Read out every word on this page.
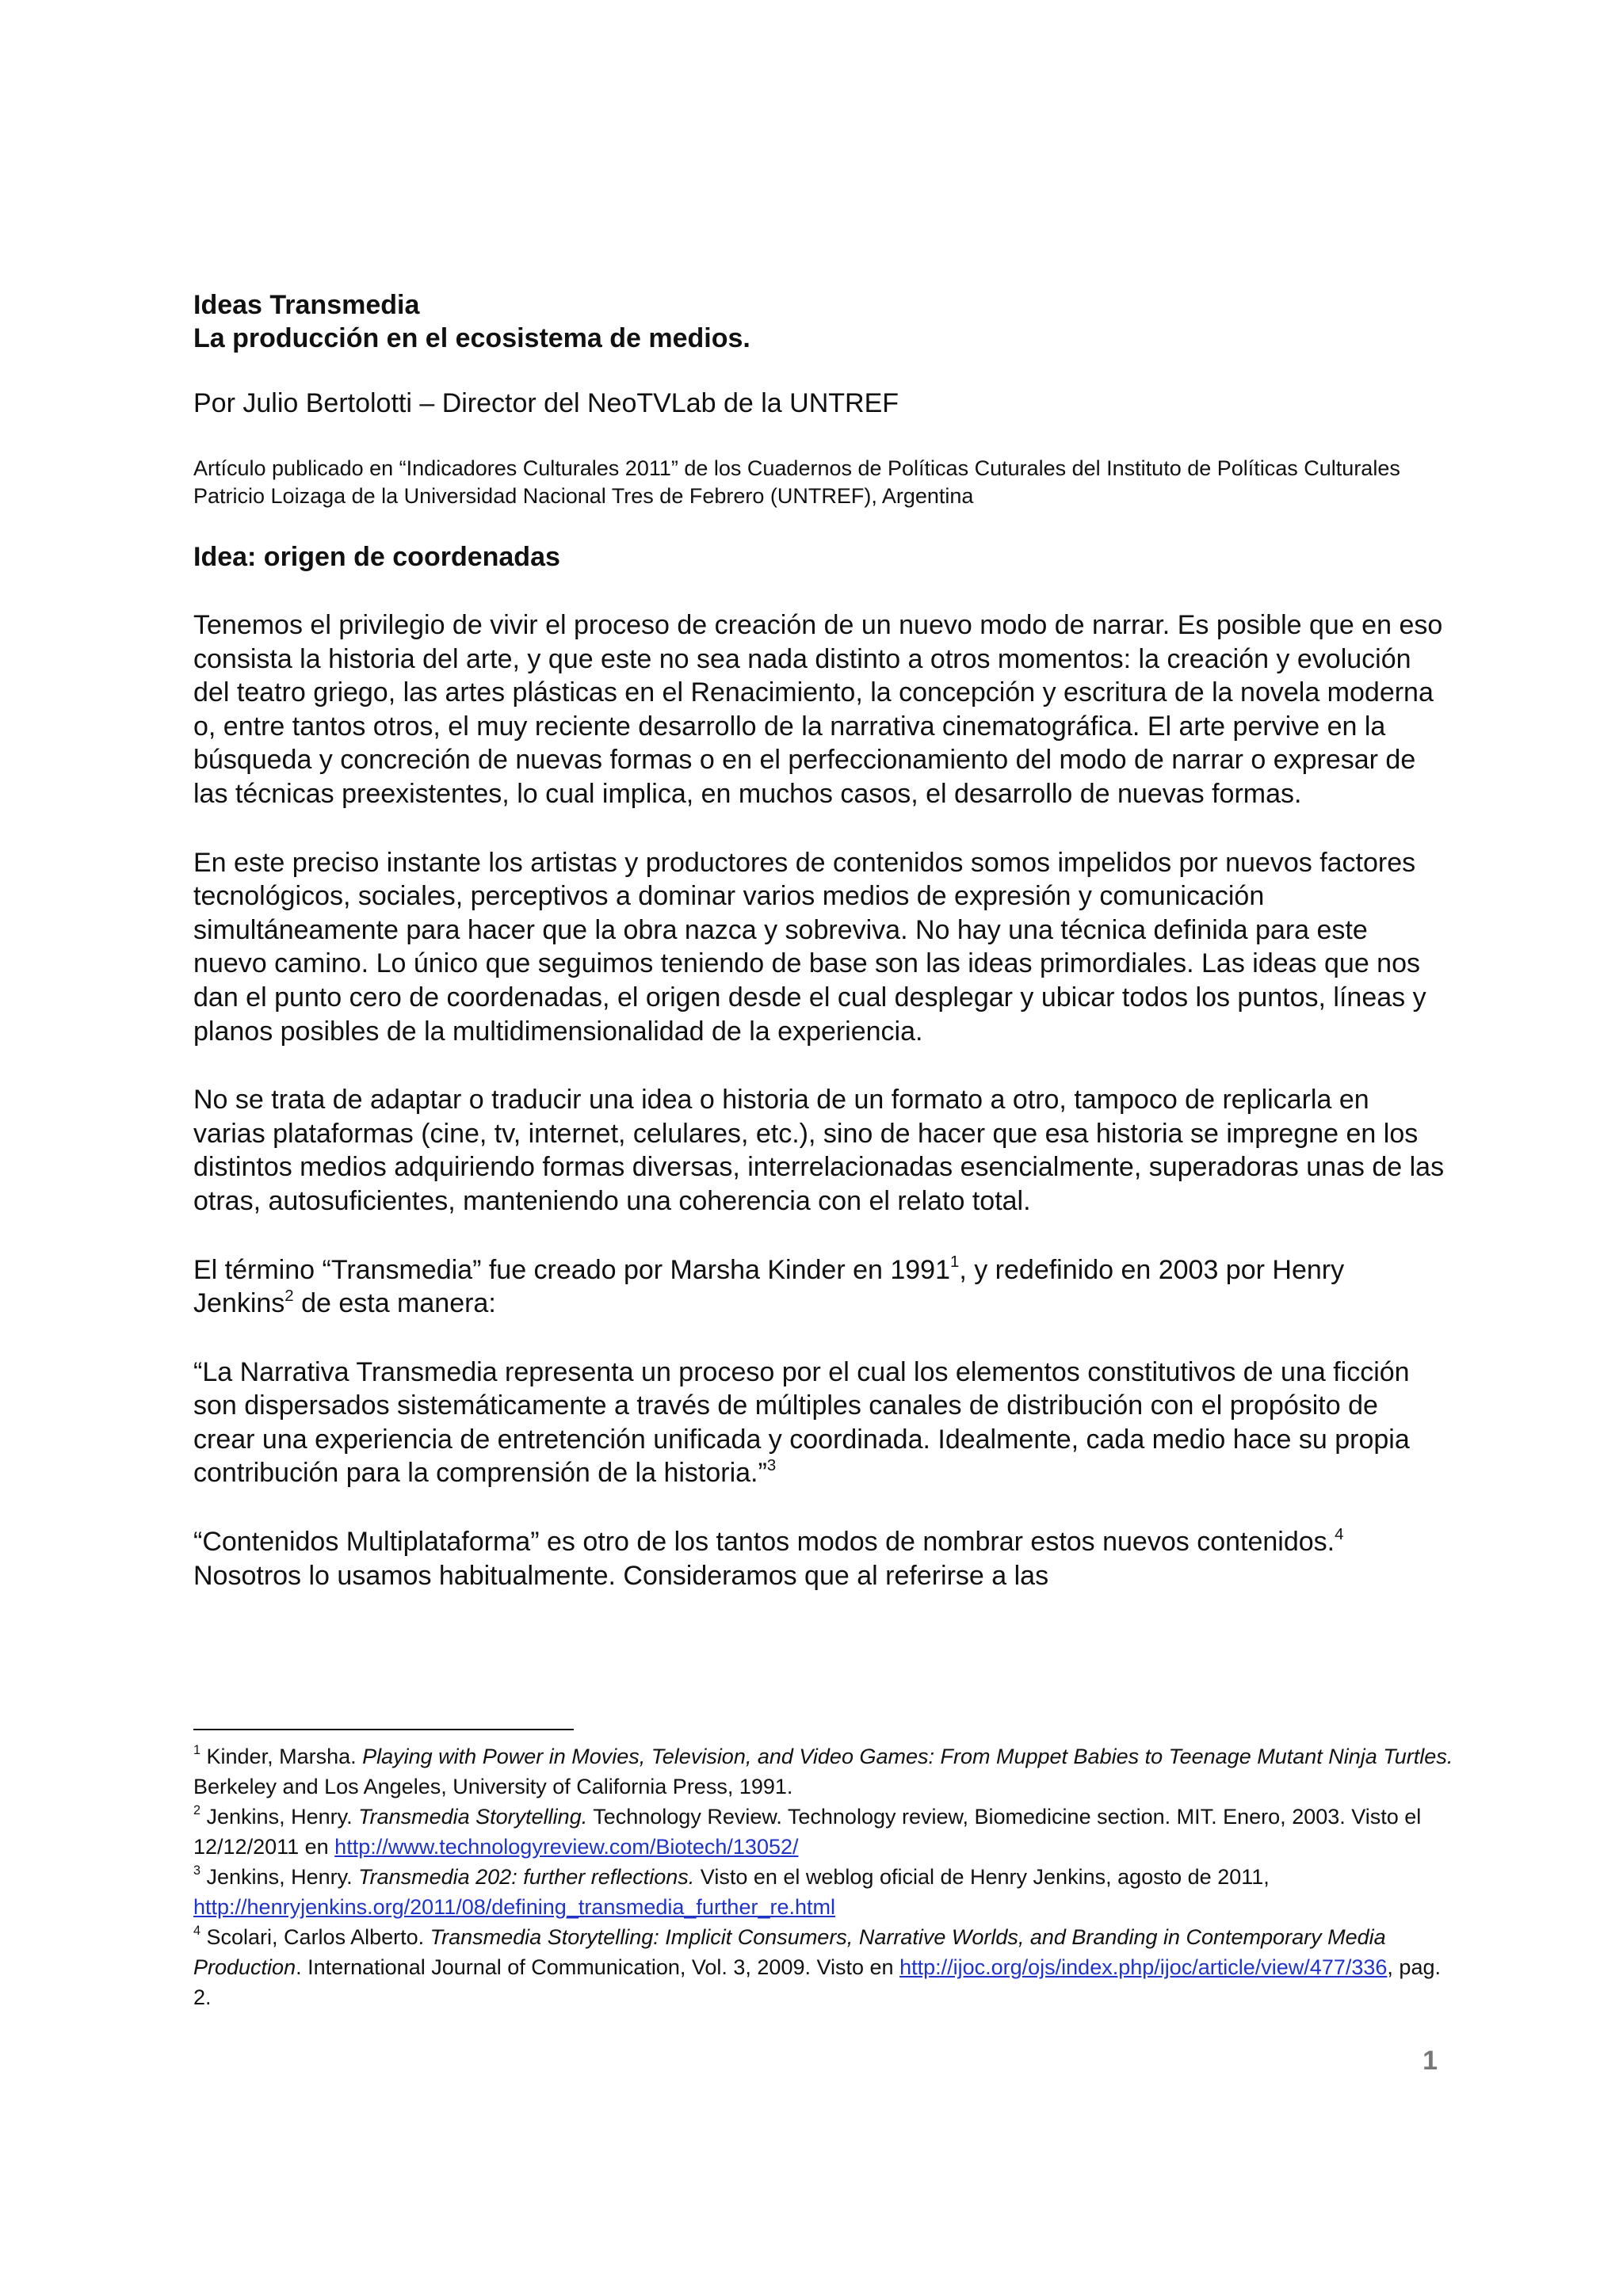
Ideas Transmedia
La producción en el ecosistema de medios.

Por Julio Bertolotti – Director del NeoTVLab de la UNTREF

Artículo publicado en “Indicadores Culturales 2011” de los Cuadernos de Políticas Cuturales del Instituto de Políticas Culturales Patricio Loizaga de la Universidad Nacional Tres de Febrero (UNTREF), Argentina

Idea: origen de coordenadas

Tenemos el privilegio de vivir el proceso de creación de un nuevo modo de narrar. Es posible que en eso consista la historia del arte, y que este no sea nada distinto a otros momentos: la creación y evolución del teatro griego, las artes plásticas en el Renacimiento, la concepción y escritura de la novela moderna o, entre tantos otros, el muy reciente desarrollo de la narrativa cinematográfica. El arte pervive en la búsqueda y concreción de nuevas formas o en el perfeccionamiento del modo de narrar o expresar de las técnicas preexistentes, lo cual implica, en muchos casos, el desarrollo de nuevas formas.

En este preciso instante los artistas y productores de contenidos somos impelidos por nuevos factores tecnológicos, sociales, perceptivos a dominar varios medios de expresión y comunicación simultáneamente para hacer que la obra nazca y sobreviva. No hay una técnica definida para este nuevo camino. Lo único que seguimos teniendo de base son las ideas primordiales. Las ideas que nos dan el punto cero de coordenadas, el origen desde el cual desplegar y ubicar todos los puntos, líneas y planos posibles de la multidimensionalidad de la experiencia.

No se trata de adaptar o traducir una idea o historia de un formato a otro, tampoco de replicarla en varias plataformas (cine, tv, internet, celulares, etc.), sino de hacer que esa historia se impregne en los distintos medios adquiriendo formas diversas, interrelacionadas esencialmente, superadoras unas de las otras, autosuficientes, manteniendo una coherencia con el relato total.

El término “Transmedia” fue creado por Marsha Kinder en 1991$^1$, y redefinido en 2003 por Henry Jenkins$^2$ de esta manera:

“La Narrativa Transmedia representa un proceso por el cual los elementos constitutivos de una ficción son dispersados sistemáticamente a través de múltiples canales de distribución con el propósito de crear una experiencia de entretención unificada y coordinada. Idealmente, cada medio hace su propia contribución para la comprensión de la historia.”$^3$

“Contenidos Multiplataforma” es otro de los tantos modos de nombrar estos nuevos contenidos.$^4$ Nosotros lo usamos habitualmente. Consideramos que al referirse a las

$^1$ Kinder, Marsha. Playing with Power in Movies, Television, and Video Games: From Muppet Babies to Teenage Mutant Ninja Turtles. Berkeley and Los Angeles, University of California Press, 1991.

$^2$ Jenkins, Henry. Transmedia Storytelling. Technology Review. Technology review, Biomedicine section. MIT. Enero, 2003. Visto el 12/12/2011 en http://www.technologyreview.com/Biotech/13052/

$^3$ Jenkins, Henry. Transmedia 202: further reflections. Visto en el weblog oficial de Henry Jenkins, agosto de 2011, http://henryjenkins.org/2011/08/defining_transmedia_further_re.html

$^4$ Scolari, Carlos Alberto. Transmedia Storytelling: Implicit Consumers, Narrative Worlds, and Branding in Contemporary Media Production. International Journal of Communication, Vol. 3, 2009. Visto en http://ijoc.org/ojs/index.php/ijoc/article/view/477/336, pag. 2.

1
